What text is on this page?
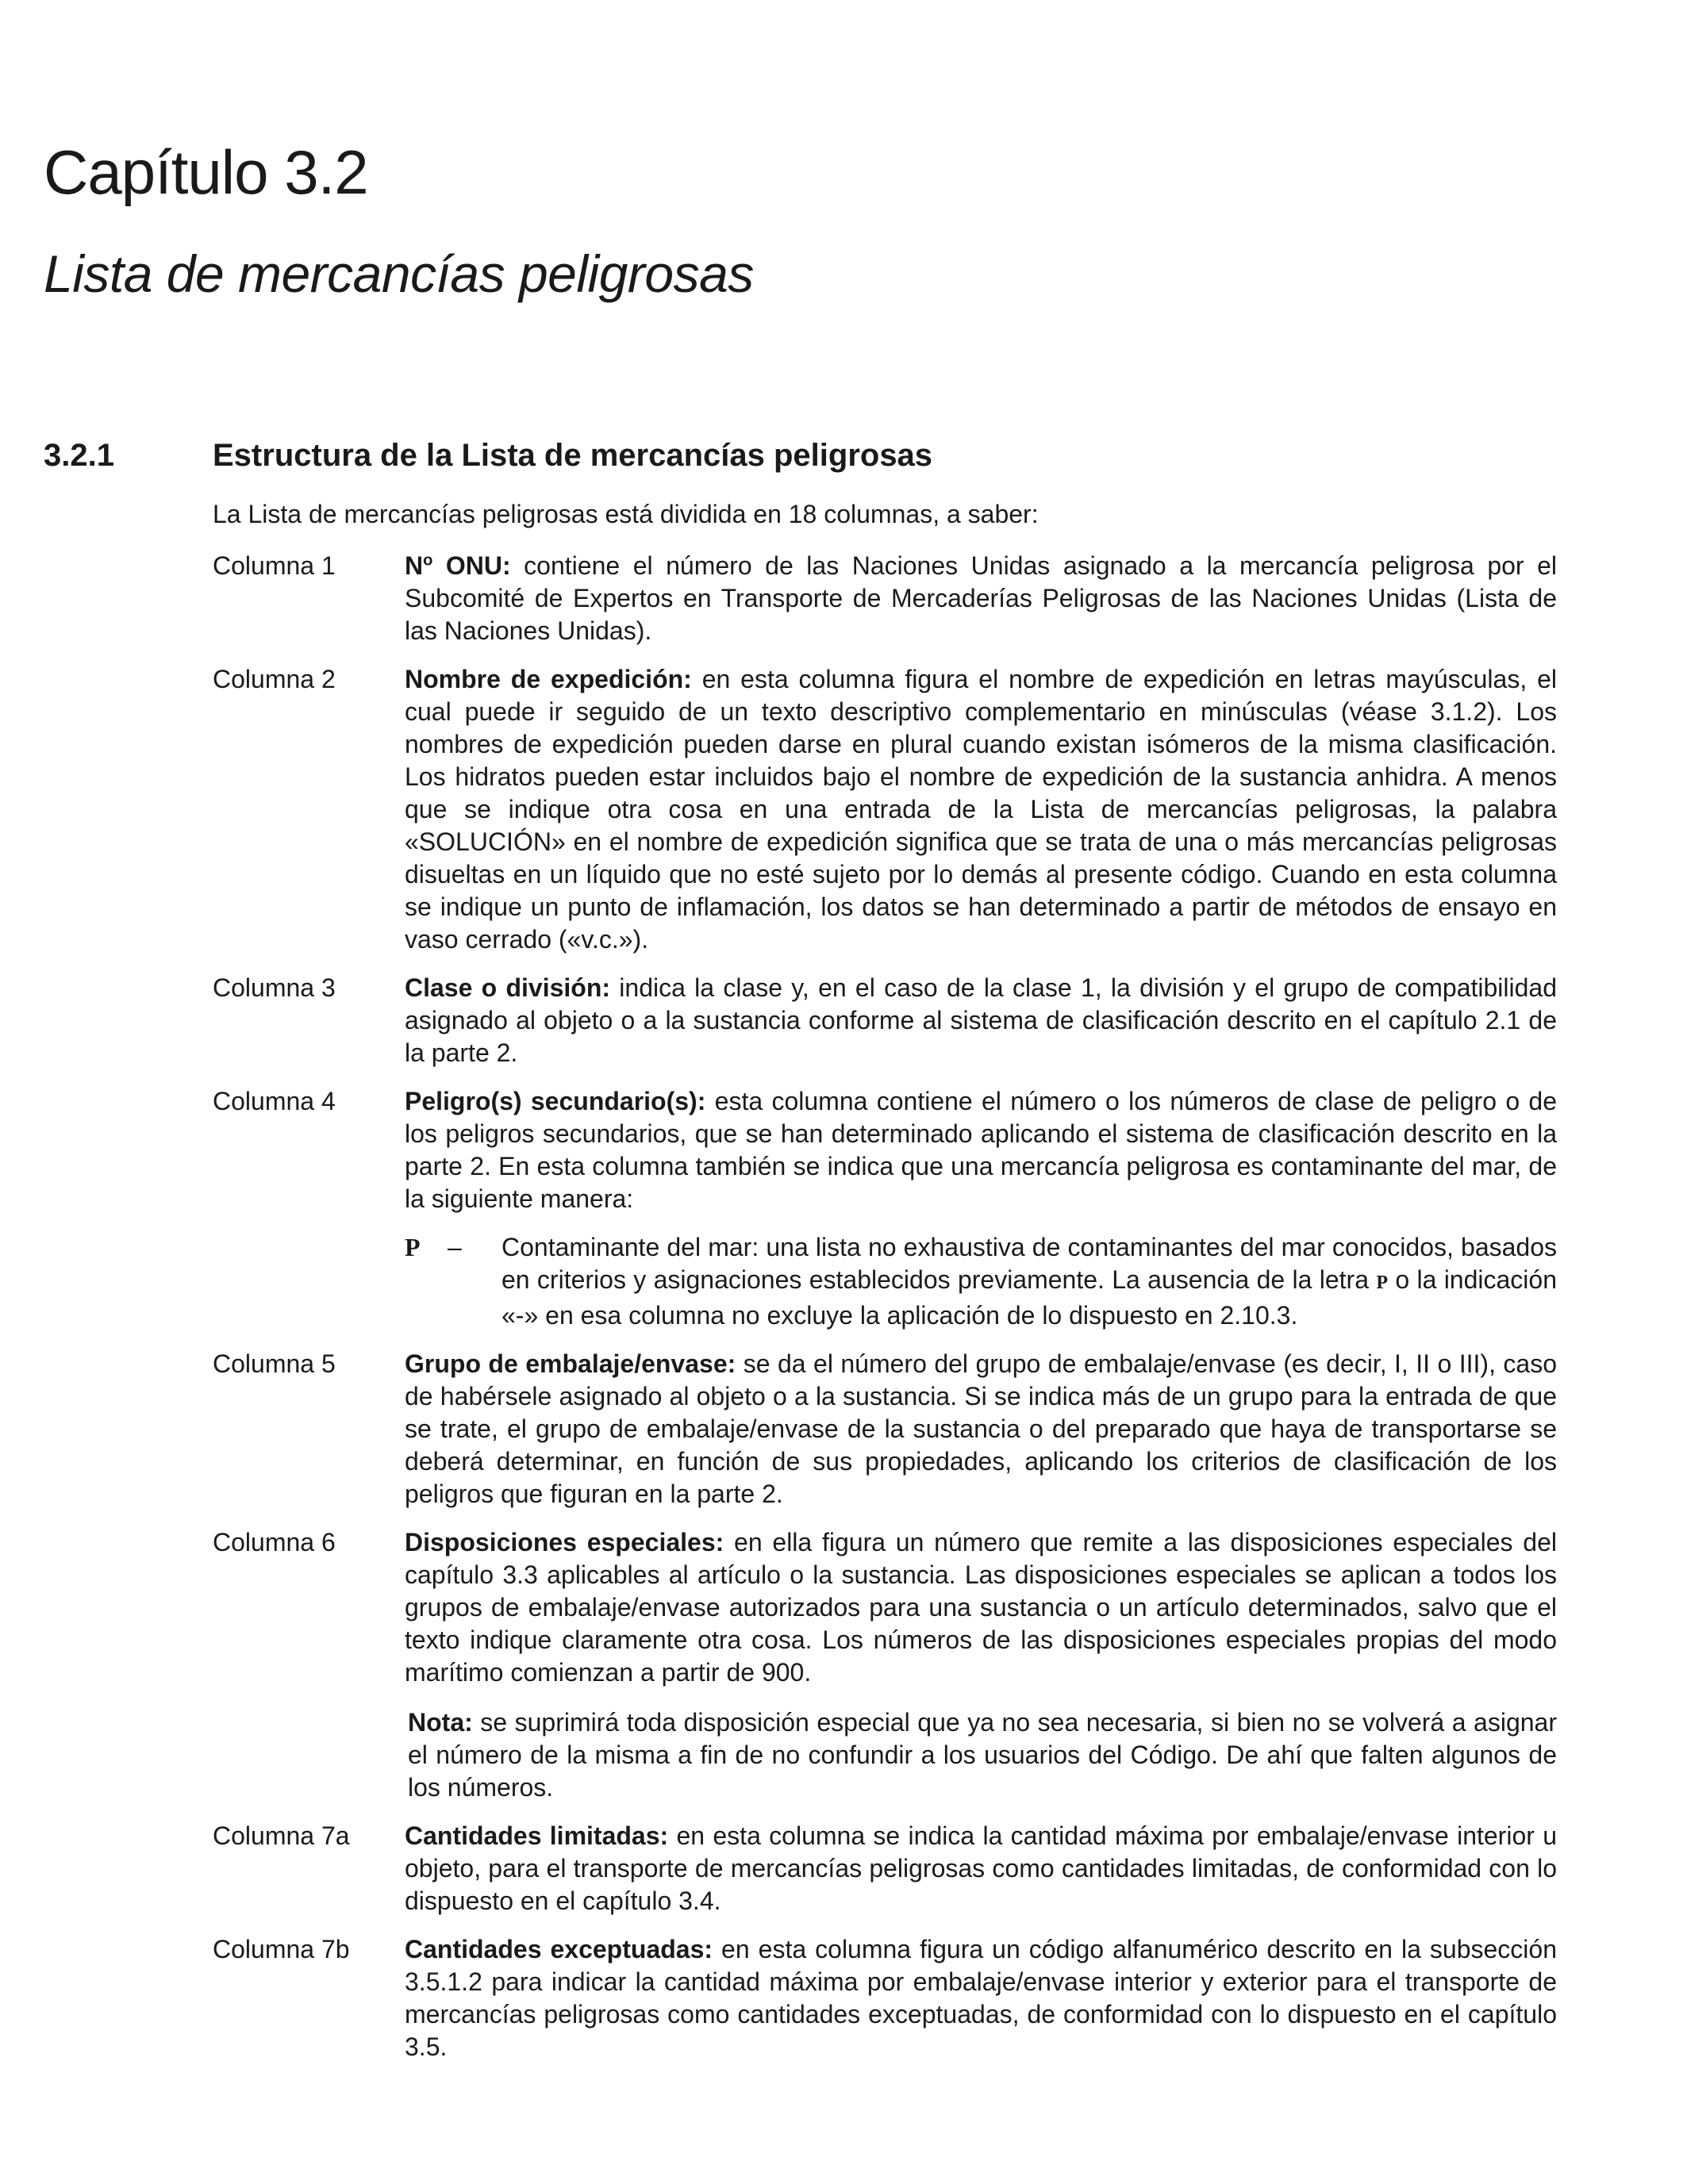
Capítulo 3.2
Lista de mercancías peligrosas
3.2.1	Estructura de la Lista de mercancías peligrosas
La Lista de mercancías peligrosas está dividida en 18 columnas, a saber:
Columna 1	$N^o$ ONU: contiene el número de las Naciones Unidas asignado a la mercancía peligrosa por el Subcomité de Expertos en Transporte de Mercaderías Peligrosas de las Naciones Unidas (Lista de las Naciones Unidas).
Columna 2	Nombre de expedición: en esta columna figura el nombre de expedición en letras mayúsculas, el cual puede ir seguido de un texto descriptivo complementario en minúsculas (véase 3.1.2). Los nombres de expedición pueden darse en plural cuando existan isómeros de la misma clasificación. Los hidratos pueden estar incluidos bajo el nombre de expedición de la sustancia anhidra. A menos que se indique otra cosa en una entrada de la Lista de mercancías peligrosas, la palabra «SOLUCIÓN» en el nombre de expedición significa que se trata de una o más mercancías peligrosas disueltas en un líquido que no esté sujeto por lo demás al presente código. Cuando en esta columna se indique un punto de inflamación, los datos se han determinado a partir de métodos de ensayo en vaso cerrado («v.c.»).
Columna 3	Clase o división: indica la clase y, en el caso de la clase 1, la división y el grupo de compatibilidad asignado al objeto o a la sustancia conforme al sistema de clasificación descrito en el capítulo 2.1 de la parte 2.
Columna 4	Peligro(s) secundario(s): esta columna contiene el número o los números de clase de peligro o de los peligros secundarios, que se han determinado aplicando el sistema de clasificación descrito en la parte 2. En esta columna también se indica que una mercancía peligrosa es contaminante del mar, de la siguiente manera:
P	–	Contaminante del mar: una lista no exhaustiva de contaminantes del mar conocidos, basados en criterios y asignaciones establecidos previamente. La ausencia de la letra P o la indicación «-» en esa columna no excluye la aplicación de lo dispuesto en 2.10.3.
Columna 5	Grupo de embalaje/envase: se da el número del grupo de embalaje/envase (es decir, I, II o III), caso de habérsele asignado al objeto o a la sustancia. Si se indica más de un grupo para la entrada de que se trate, el grupo de embalaje/envase de la sustancia o del preparado que haya de transportarse se deberá determinar, en función de sus propiedades, aplicando los criterios de clasificación de los peligros que figuran en la parte 2.
Columna 6	Disposiciones especiales: en ella figura un número que remite a las disposiciones especiales del capítulo 3.3 aplicables al artículo o la sustancia. Las disposiciones especiales se aplican a todos los grupos de embalaje/envase autorizados para una sustancia o un artículo determinados, salvo que el texto indique claramente otra cosa. Los números de las disposiciones especiales propias del modo marítimo comienzan a partir de 900.
Nota: se suprimirá toda disposición especial que ya no sea necesaria, si bien no se volverá a asignar el número de la misma a fin de no confundir a los usuarios del Código. De ahí que falten algunos de los números.
Columna 7a	Cantidades limitadas: en esta columna se indica la cantidad máxima por embalaje/envase interior u objeto, para el transporte de mercancías peligrosas como cantidades limitadas, de conformidad con lo dispuesto en el capítulo 3.4.
Columna 7b	Cantidades exceptuadas: en esta columna figura un código alfanumérico descrito en la subsección 3.5.1.2 para indicar la cantidad máxima por embalaje/envase interior y exterior para el transporte de mercancías peligrosas como cantidades exceptuadas, de conformidad con lo dispuesto en el capítulo 3.5.
